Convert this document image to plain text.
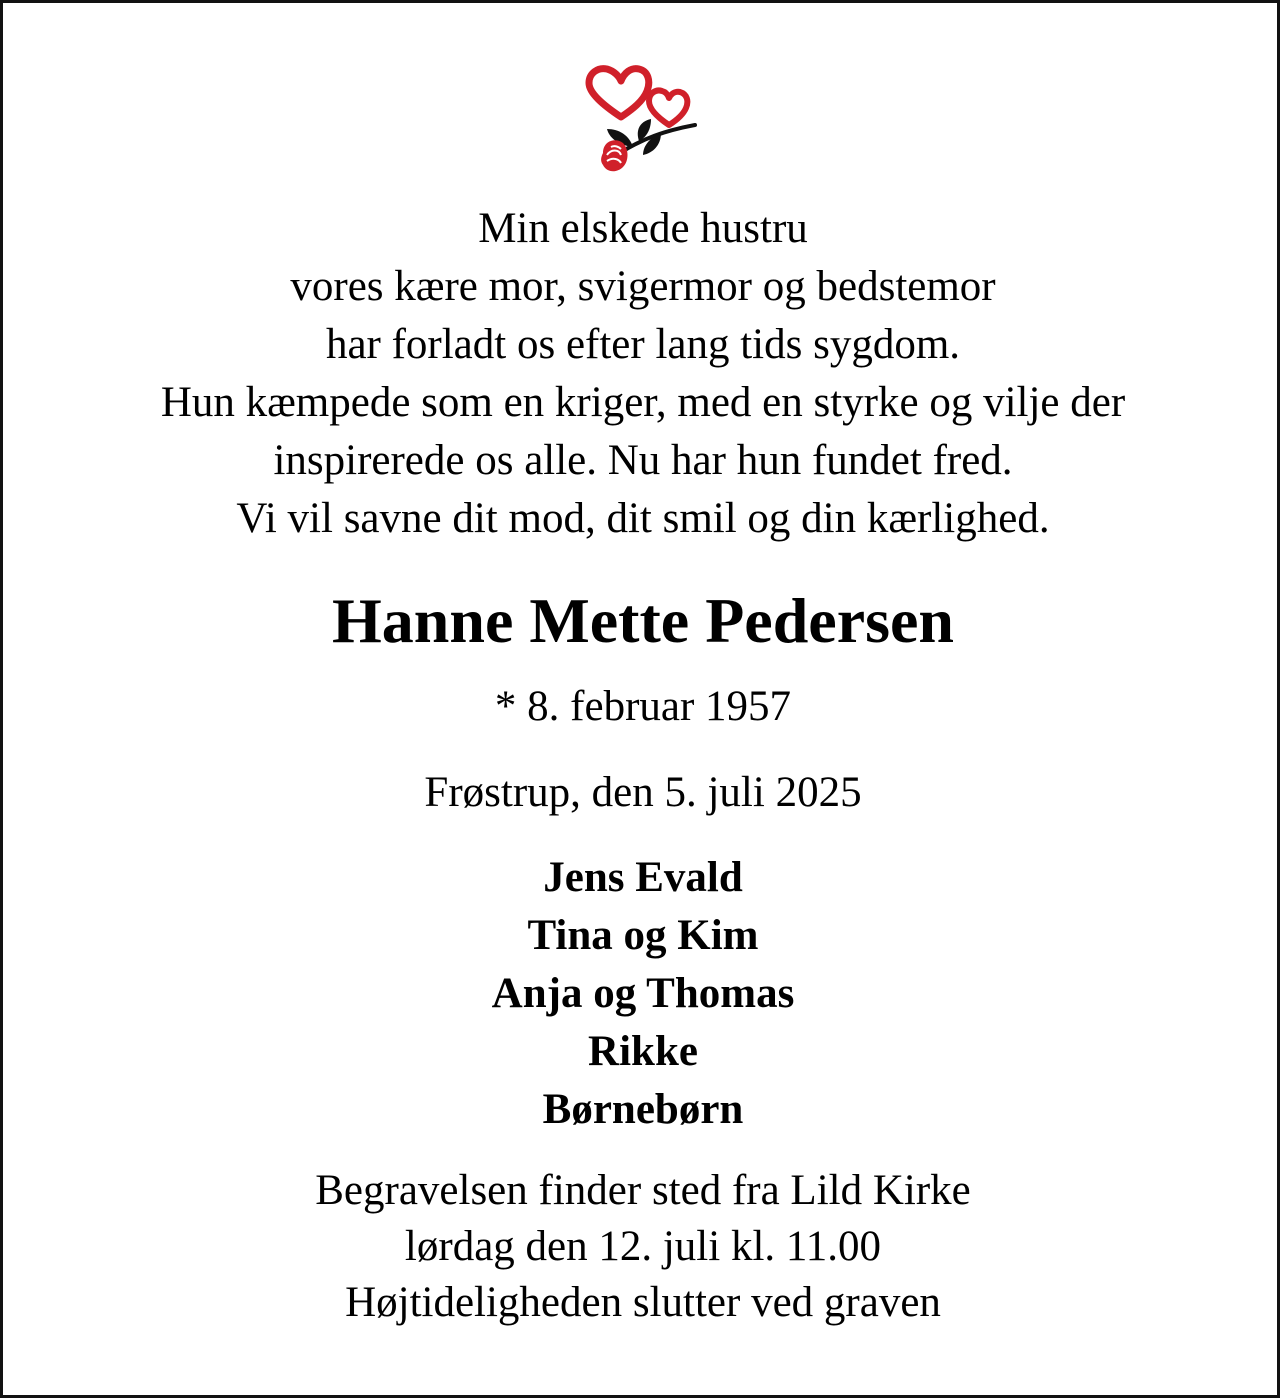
Min elskede hustru
vores kære mor, svigermor og bedstemor
har forladt os efter lang tids sygdom.
Hun kæmpede som en kriger, med en styrke og vilje der
inspirerede os alle. Nu har hun fundet fred.
Vi vil savne dit mod, dit smil og din kærlighed.
Hanne Mette Pedersen
* 8. februar 1957
Frøstrup, den 5. juli 2025
Jens Evald
Tina og Kim
Anja og Thomas
Rikke
Børnebørn
Begravelsen finder sted fra Lild Kirke
lørdag den 12. juli kl. 11.00
Højtideligheden slutter ved graven
